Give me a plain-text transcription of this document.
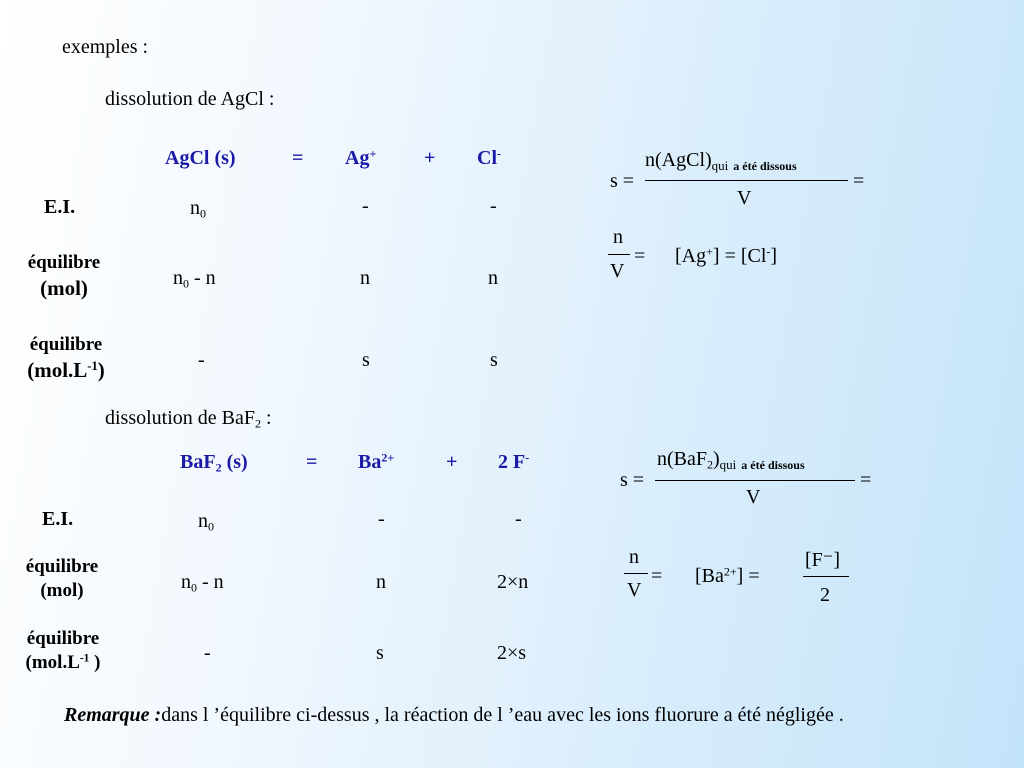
exemples :
dissolution de AgCl :
AgCl (s)	= Ag+ + Cl-
E.I.	$n_0$	-	-
équilibre
(mol)	$n_0$ - n	n	n
équilibre
$(mol.L^{-1})$	-	s	s
s =
$n(AgCl)_{qui}$ $_{a été dissous}$
V
=
n
V
= [Ag+] = [Cl-]
dissolution de BaF$_2$ :
BaF$_2$ (s)	= $Ba^{2+}$	+ 2 F-
E.I.	$n_0$	-	-
équilibre
(mol)	$n_0$ - n	n	2×n
équilibre
($mol.L^{-1}$ )	-	s	2×s
s =
$n(BaF_2)_{qui}$ $_{a été dissous}$
V
=
n
V
= $[Ba^{2+}]$ =
[F⁻]
2
Remarque :dans l ’équilibre ci-dessus , la réaction de l ’eau avec les ions fluorure a été négligée .
